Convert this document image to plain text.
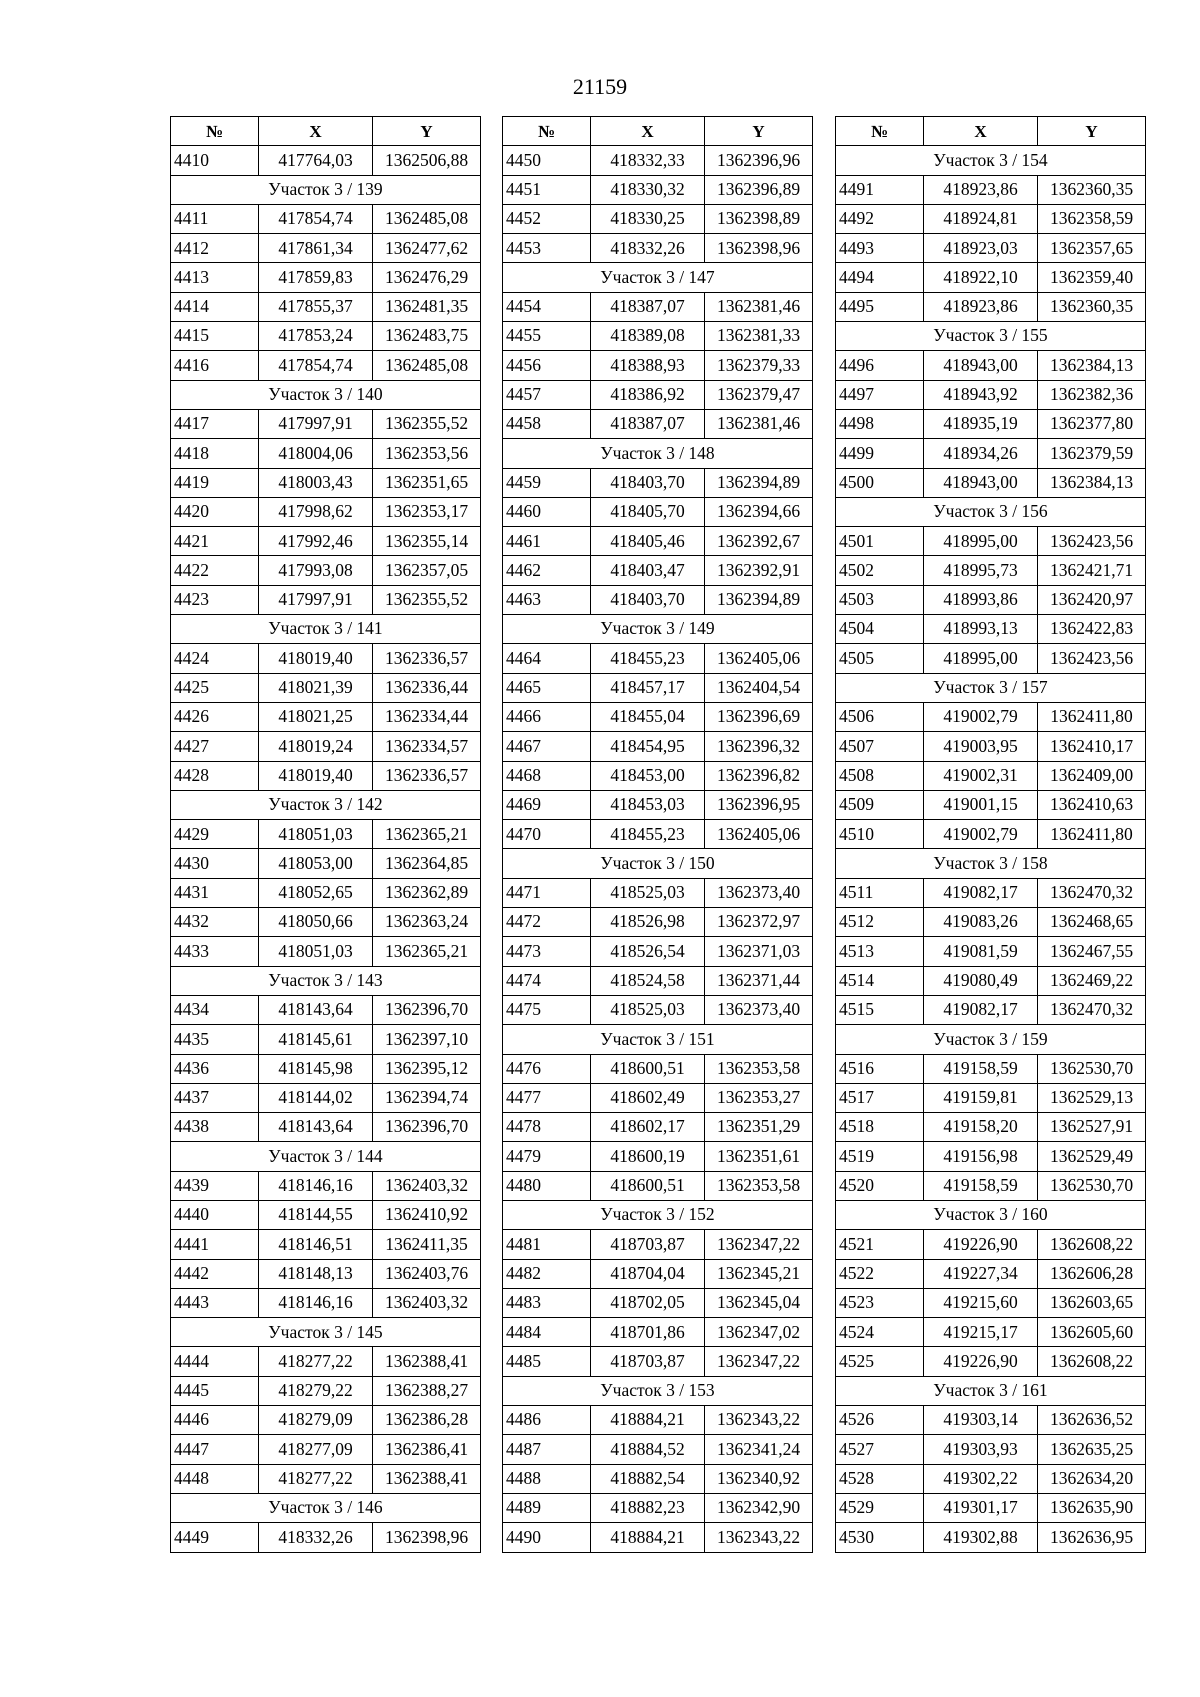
21159
№	X	Y
4410	417764,03	1362506,88
Участок 3 / 139		
4411	417854,74	1362485,08
4412	417861,34	1362477,62
4413	417859,83	1362476,29
4414	417855,37	1362481,35
4415	417853,24	1362483,75
4416	417854,74	1362485,08
Участок 3 / 140		
4417	417997,91	1362355,52
4418	418004,06	1362353,56
4419	418003,43	1362351,65
4420	417998,62	1362353,17
4421	417992,46	1362355,14
4422	417993,08	1362357,05
4423	417997,91	1362355,52
Участок 3 / 141		
4424	418019,40	1362336,57
4425	418021,39	1362336,44
4426	418021,25	1362334,44
4427	418019,24	1362334,57
4428	418019,40	1362336,57
Участок 3 / 142		
4429	418051,03	1362365,21
4430	418053,00	1362364,85
4431	418052,65	1362362,89
4432	418050,66	1362363,24
4433	418051,03	1362365,21
Участок 3 / 143		
4434	418143,64	1362396,70
4435	418145,61	1362397,10
4436	418145,98	1362395,12
4437	418144,02	1362394,74
4438	418143,64	1362396,70
Участок 3 / 144		
4439	418146,16	1362403,32
4440	418144,55	1362410,92
4441	418146,51	1362411,35
4442	418148,13	1362403,76
4443	418146,16	1362403,32
Участок 3 / 145		
4444	418277,22	1362388,41
4445	418279,22	1362388,27
4446	418279,09	1362386,28
4447	418277,09	1362386,41
4448	418277,22	1362388,41
Участок 3 / 146		
4449	418332,26	1362398,96
№	X	Y
4450	418332,33	1362396,96
4451	418330,32	1362396,89
4452	418330,25	1362398,89
4453	418332,26	1362398,96
Участок 3 / 147		
4454	418387,07	1362381,46
4455	418389,08	1362381,33
4456	418388,93	1362379,33
4457	418386,92	1362379,47
4458	418387,07	1362381,46
Участок 3 / 148		
4459	418403,70	1362394,89
4460	418405,70	1362394,66
4461	418405,46	1362392,67
4462	418403,47	1362392,91
4463	418403,70	1362394,89
Участок 3 / 149		
4464	418455,23	1362405,06
4465	418457,17	1362404,54
4466	418455,04	1362396,69
4467	418454,95	1362396,32
4468	418453,00	1362396,82
4469	418453,03	1362396,95
4470	418455,23	1362405,06
Участок 3 / 150		
4471	418525,03	1362373,40
4472	418526,98	1362372,97
4473	418526,54	1362371,03
4474	418524,58	1362371,44
4475	418525,03	1362373,40
Участок 3 / 151		
4476	418600,51	1362353,58
4477	418602,49	1362353,27
4478	418602,17	1362351,29
4479	418600,19	1362351,61
4480	418600,51	1362353,58
Участок 3 / 152		
4481	418703,87	1362347,22
4482	418704,04	1362345,21
4483	418702,05	1362345,04
4484	418701,86	1362347,02
4485	418703,87	1362347,22
Участок 3 / 153		
4486	418884,21	1362343,22
4487	418884,52	1362341,24
4488	418882,54	1362340,92
4489	418882,23	1362342,90
4490	418884,21	1362343,22
№	X	Y
Участок 3 / 154		
4491	418923,86	1362360,35
4492	418924,81	1362358,59
4493	418923,03	1362357,65
4494	418922,10	1362359,40
4495	418923,86	1362360,35
Участок 3 / 155		
4496	418943,00	1362384,13
4497	418943,92	1362382,36
4498	418935,19	1362377,80
4499	418934,26	1362379,59
4500	418943,00	1362384,13
Участок 3 / 156		
4501	418995,00	1362423,56
4502	418995,73	1362421,71
4503	418993,86	1362420,97
4504	418993,13	1362422,83
4505	418995,00	1362423,56
Участок 3 / 157		
4506	419002,79	1362411,80
4507	419003,95	1362410,17
4508	419002,31	1362409,00
4509	419001,15	1362410,63
4510	419002,79	1362411,80
Участок 3 / 158		
4511	419082,17	1362470,32
4512	419083,26	1362468,65
4513	419081,59	1362467,55
4514	419080,49	1362469,22
4515	419082,17	1362470,32
Участок 3 / 159		
4516	419158,59	1362530,70
4517	419159,81	1362529,13
4518	419158,20	1362527,91
4519	419156,98	1362529,49
4520	419158,59	1362530,70
Участок 3 / 160		
4521	419226,90	1362608,22
4522	419227,34	1362606,28
4523	419215,60	1362603,65
4524	419215,17	1362605,60
4525	419226,90	1362608,22
Участок 3 / 161		
4526	419303,14	1362636,52
4527	419303,93	1362635,25
4528	419302,22	1362634,20
4529	419301,17	1362635,90
4530	419302,88	1362636,95
